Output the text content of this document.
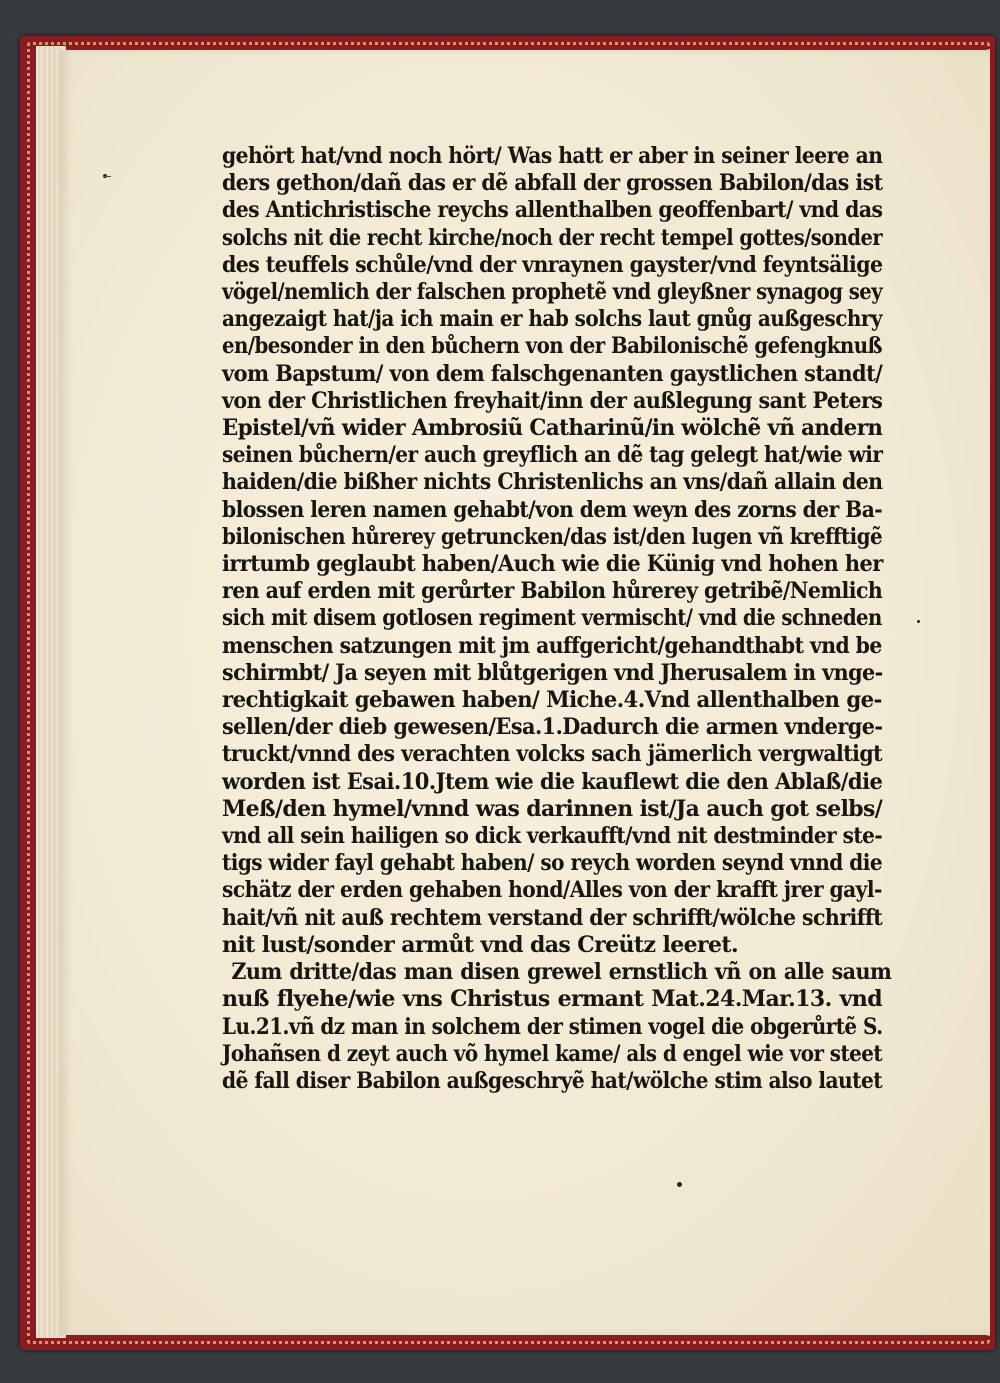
gehört hat/vnd noch hört/ Was hatt er aber in seiner leere an
ders gethon/dañ das er dẽ abfall der grossen Babilon/das ist
des Antichristische reychs allenthalben geoffenbart/ vnd das
solchs nit die recht kirche/noch der recht tempel gottes/sonder
des teuffels schůle/vnd der vnraynen gayster/vnd feyntsälige
vögel/nemlich der falschen prophetẽ vnd gleyßner synagog sey
angezaigt hat/ja ich main er hab solchs laut gnůg außgeschry
en/besonder in den bůchern von der Babilonischẽ gefengknuß
vom Bapstum/ von dem falschgenanten gaystlichen standt/
von der Christlichen freyhait/inn der außlegung sant Peters
Epistel/vñ wider Ambrosiũ Catharinũ/in wölchẽ vñ andern
seinen bůchern/er auch greyflich an dẽ tag gelegt hat/wie wir
haiden/die bißher nichts Christenlichs an vns/dañ allain den
blossen leren namen gehabt/von dem weyn des zorns der Ba-
bilonischen hůrerey getruncken/das ist/den lugen vñ krefftigẽ
irrtumb geglaubt haben/Auch wie die Künig vnd hohen her
ren auf erden mit gerůrter Babilon hůrerey getribẽ/Nemlich
sich mit disem gotlosen regiment vermischt/ vnd die schneden
menschen satzungen mit jm auffgericht/gehandthabt vnd be
schirmbt/ Ja seyen mit blůtgerigen vnd Jherusalem in vnge-
rechtigkait gebawen haben/ Miche.4.Vnd allenthalben ge-
sellen/der dieb gewesen/Esa.1.Dadurch die armen vnderge-
truckt/vnnd des verachten volcks sach jämerlich vergwaltigt
worden ist Esai.10.Jtem wie die kauflewt die den Ablaß/die
Meß/den hymel/vnnd was darinnen ist/Ja auch got selbs/
vnd all sein hailigen so dick verkaufft/vnd nit destminder ste-
tigs wider fayl gehabt haben/ so reych worden seynd vnnd die
schätz der erden gehaben hond/Alles von der krafft jrer gayl-
hait/vñ nit auß rechtem verstand der schrifft/wölche schrifft
nit lust/sonder armůt vnd das Creütz leeret.
Zum dritte/das man disen grewel ernstlich vñ on alle saum
nuß flyehe/wie vns Christus ermant Mat.24.Mar.13. vnd
Lu.21.vñ dz man in solchem der stimen vogel die obgerůrtẽ S.
Johañsen d zeyt auch võ hymel kame/ als d engel wie vor steet
dẽ fall diser Babilon außgeschryẽ hat/wölche stim also lautet
